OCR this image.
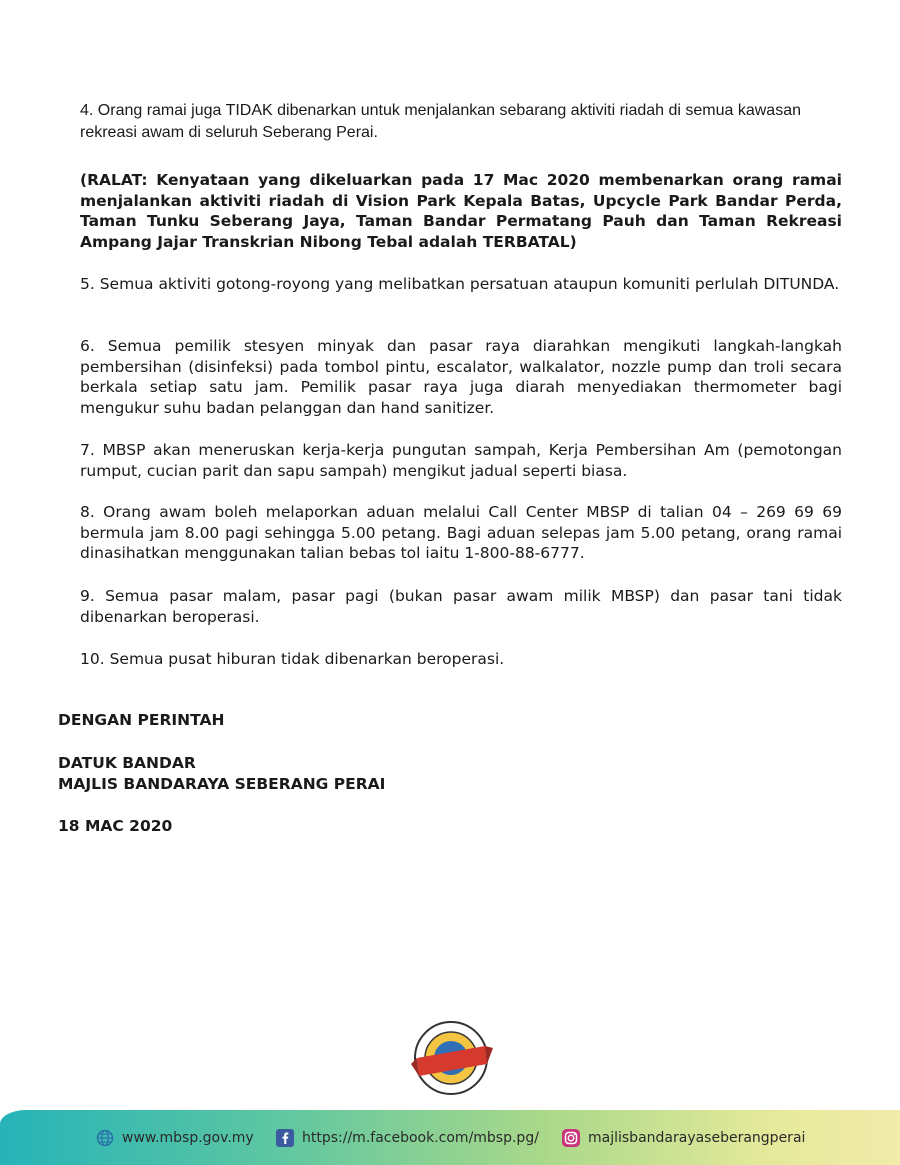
4. Orang ramai juga TIDAK dibenarkan untuk menjalankan sebarang aktiviti riadah di semua kawasan rekreasi awam di seluruh Seberang Perai.

(RALAT: Kenyataan yang dikeluarkan pada 17 Mac 2020 membenarkan orang ramai menjalankan aktiviti riadah di Vision Park Kepala Batas, Upcycle Park Bandar Perda, Taman Tunku Seberang Jaya, Taman Bandar Permatang Pauh dan Taman Rekreasi Ampang Jajar Transkrian Nibong Tebal adalah TERBATAL)

5. Semua aktiviti gotong-royong yang melibatkan persatuan ataupun komuniti perlulah DITUNDA.

6. Semua pemilik stesyen minyak dan pasar raya diarahkan mengikuti langkah-langkah pembersihan (disinfeksi) pada tombol pintu, escalator, walkalator, nozzle pump dan troli secara berkala setiap satu jam. Pemilik pasar raya juga diarah menyediakan thermometer bagi mengukur suhu badan pelanggan dan hand sanitizer.

7. MBSP akan meneruskan kerja-kerja pungutan sampah, Kerja Pembersihan Am (pemotongan rumput, cucian parit dan sapu sampah) mengikut jadual seperti biasa.

8. Orang awam boleh melaporkan aduan melalui Call Center MBSP di talian 04 – 269 69 69 bermula jam 8.00 pagi sehingga 5.00 petang. Bagi aduan selepas jam 5.00 petang, orang ramai dinasihatkan menggunakan talian bebas tol iaitu 1-800-88-6777.

9. Semua pasar malam, pasar pagi (bukan pasar awam milik MBSP) dan pasar tani tidak dibenarkan beroperasi.

10. Semua pusat hiburan tidak dibenarkan beroperasi.

DENGAN PERINTAH

DATUK BANDAR

MAJLIS BANDARAYA SEBERANG PERAI

18 MAC 2020

www.mbsp.gov.my	https://m.facebook.com/mbsp.pg/	majlisbandarayaseberangperai
